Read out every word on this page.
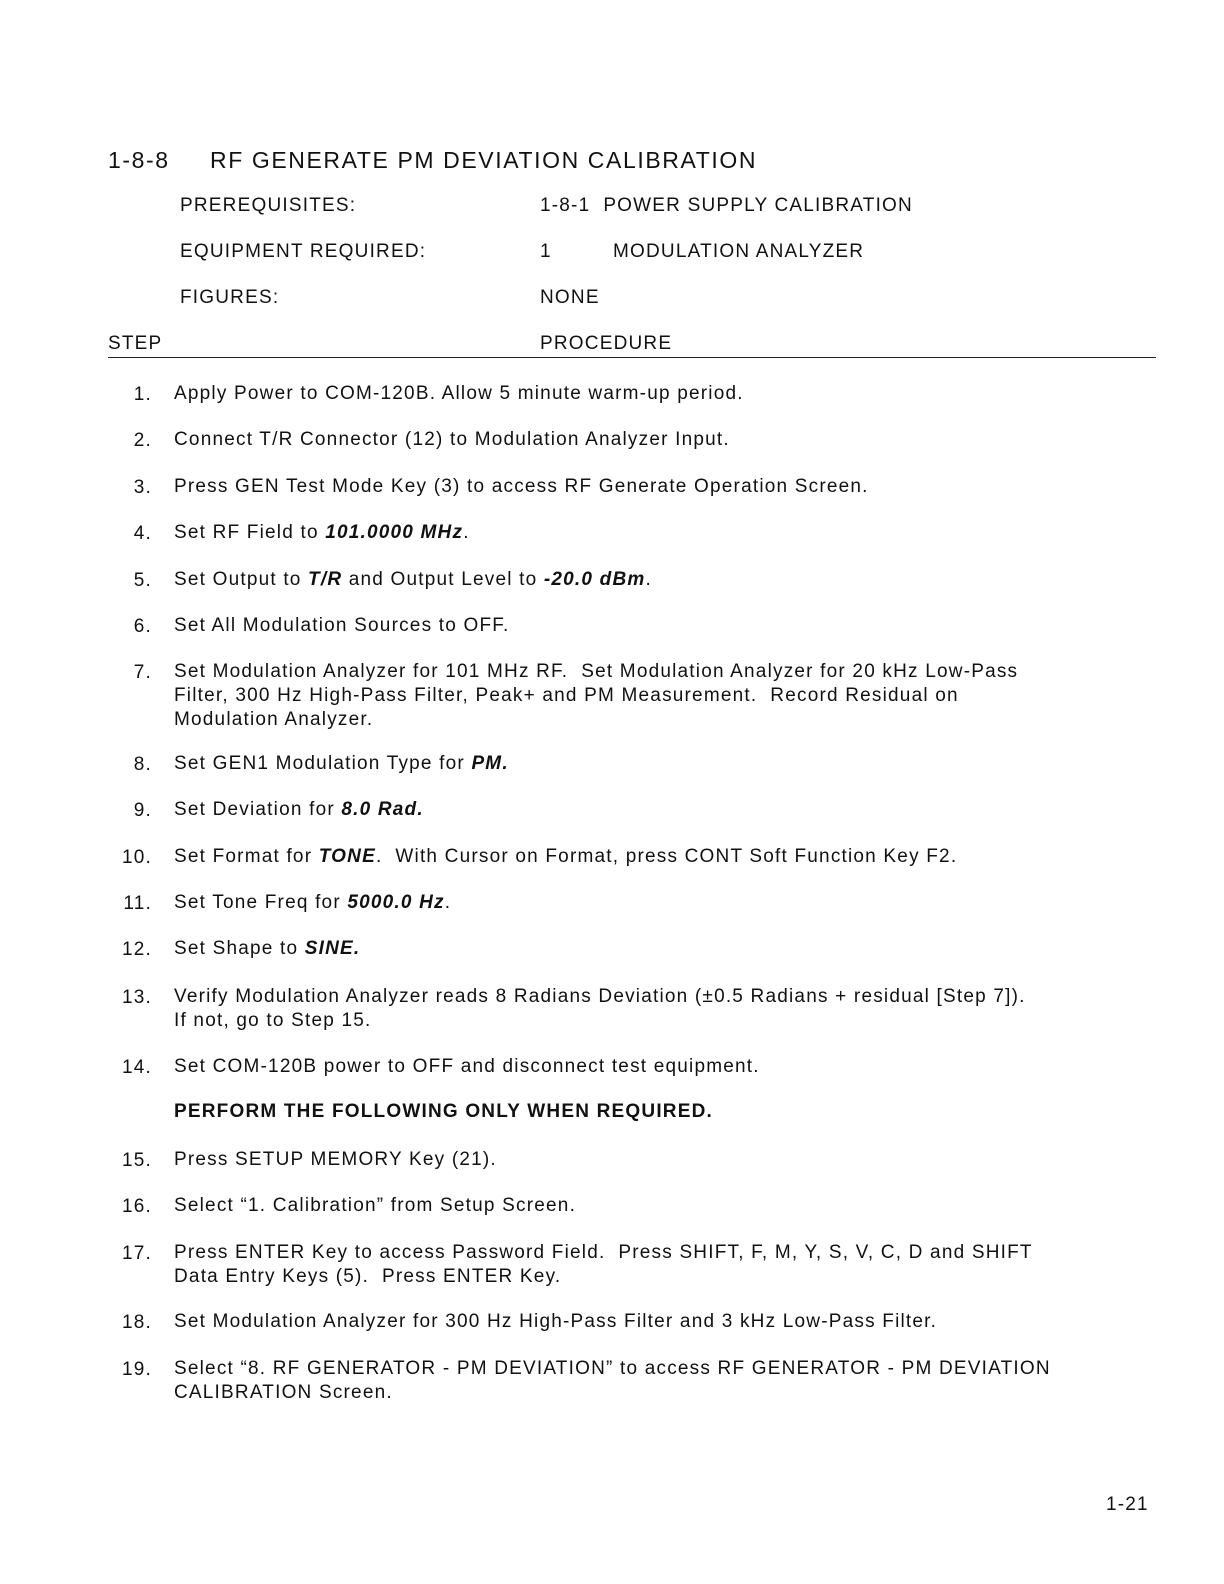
1-8-8 RF GENERATE PM DEVIATION CALIBRATION
PREREQUISITES:	1-8-1  POWER SUPPLY CALIBRATION
EQUIPMENT REQUIRED:	1	MODULATION ANALYZER
FIGURES:	NONE
STEP	PROCEDURE
1. Apply Power to COM-120B. Allow 5 minute warm-up period.
2. Connect T/R Connector (12) to Modulation Analyzer Input.
3. Press GEN Test Mode Key (3) to access RF Generate Operation Screen.
4. Set RF Field to 101.0000 MHz.
5. Set Output to T/R and Output Level to -20.0 dBm.
6. Set All Modulation Sources to OFF.
7. Set Modulation Analyzer for 101 MHz RF.  Set Modulation Analyzer for 20 kHz Low-Pass
Filter, 300 Hz High-Pass Filter, Peak+ and PM Measurement.  Record Residual on
Modulation Analyzer.
8. Set GEN1 Modulation Type for PM.
9. Set Deviation for 8.0 Rad.
10. Set Format for TONE.  With Cursor on Format, press CONT Soft Function Key F2.
11. Set Tone Freq for 5000.0 Hz.
12. Set Shape to SINE.
13. Verify Modulation Analyzer reads 8 Radians Deviation (±0.5 Radians + residual [Step 7]).
If not, go to Step 15.
14. Set COM-120B power to OFF and disconnect test equipment.
PERFORM THE FOLLOWING ONLY WHEN REQUIRED.
15. Press SETUP MEMORY Key (21).
16. Select “1. Calibration” from Setup Screen.
17. Press ENTER Key to access Password Field.  Press SHIFT, F, M, Y, S, V, C, D and SHIFT
Data Entry Keys (5).  Press ENTER Key.
18. Set Modulation Analyzer for 300 Hz High-Pass Filter and 3 kHz Low-Pass Filter.
19. Select “8. RF GENERATOR - PM DEVIATION” to access RF GENERATOR - PM DEVIATION
CALIBRATION Screen.
1-21
